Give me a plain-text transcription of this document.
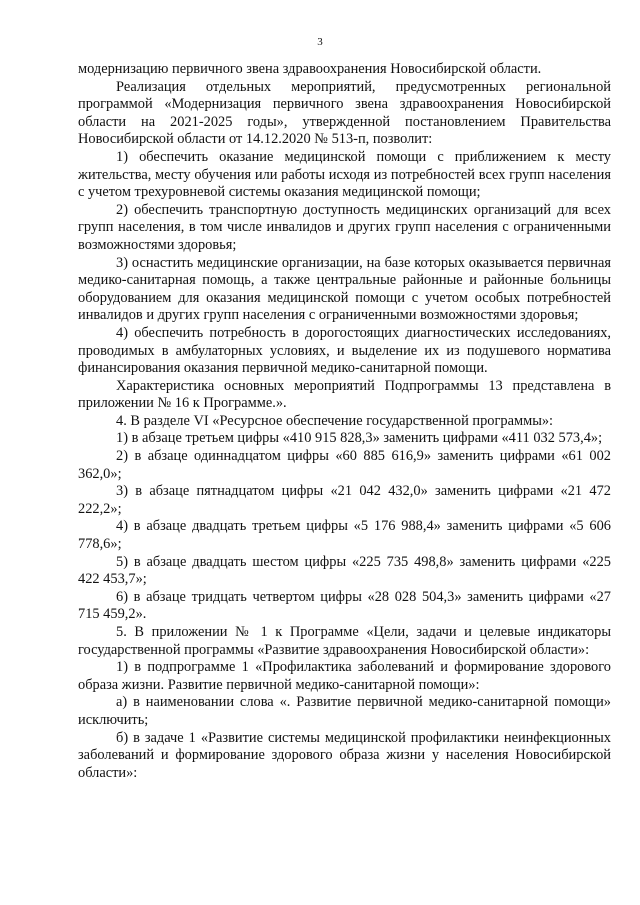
3

модернизацию первичного звена здравоохранения Новосибирской области.

Реализация отдельных мероприятий, предусмотренных региональной программой «Модернизация первичного звена здравоохранения Новосибирской области на 2021-2025 годы», утвержденной постановлением Правительства Новосибирской области от 14.12.2020 № 513-п, позволит:

1) обеспечить оказание медицинской помощи с приближением к месту жительства, месту обучения или работы исходя из потребностей всех групп населения с учетом трехуровневой системы оказания медицинской помощи;

2) обеспечить транспортную доступность медицинских организаций для всех групп населения, в том числе инвалидов и других групп населения с ограниченными возможностями здоровья;

3) оснастить медицинские организации, на базе которых оказывается первичная медико-санитарная помощь, а также центральные районные и районные больницы оборудованием для оказания медицинской помощи с учетом особых потребностей инвалидов и других групп населения с ограниченными возможностями здоровья;

4) обеспечить потребность в дорогостоящих диагностических исследованиях, проводимых в амбулаторных условиях, и выделение их из подушевого норматива финансирования оказания первичной медико-санитарной помощи.

Характеристика основных мероприятий Подпрограммы 13 представлена в приложении № 16 к Программе.».

4. В разделе VI «Ресурсное обеспечение государственной программы»:

1) в абзаце третьем цифры «410 915 828,3» заменить цифрами «411 032 573,4»;

2) в абзаце одиннадцатом цифры «60 885 616,9» заменить цифрами «61 002 362,0»;

3) в абзаце пятнадцатом цифры «21 042 432,0» заменить цифрами «21 472 222,2»;

4) в абзаце двадцать третьем цифры «5 176 988,4» заменить цифрами «5 606 778,6»;

5) в абзаце двадцать шестом цифры «225 735 498,8» заменить цифрами «225 422 453,7»;

6) в абзаце тридцать четвертом цифры «28 028 504,3» заменить цифрами «27 715 459,2».

5. В приложении № 1 к Программе «Цели, задачи и целевые индикаторы государственной программы «Развитие здравоохранения Новосибирской области»:

1) в подпрограмме 1 «Профилактика заболеваний и формирование здорового образа жизни. Развитие первичной медико-санитарной помощи»:

а) в наименовании слова «. Развитие первичной медико-санитарной помощи» исключить;

б) в задаче 1 «Развитие системы медицинской профилактики неинфекционных заболеваний и формирование здорового образа жизни у населения Новосибирской области»:
